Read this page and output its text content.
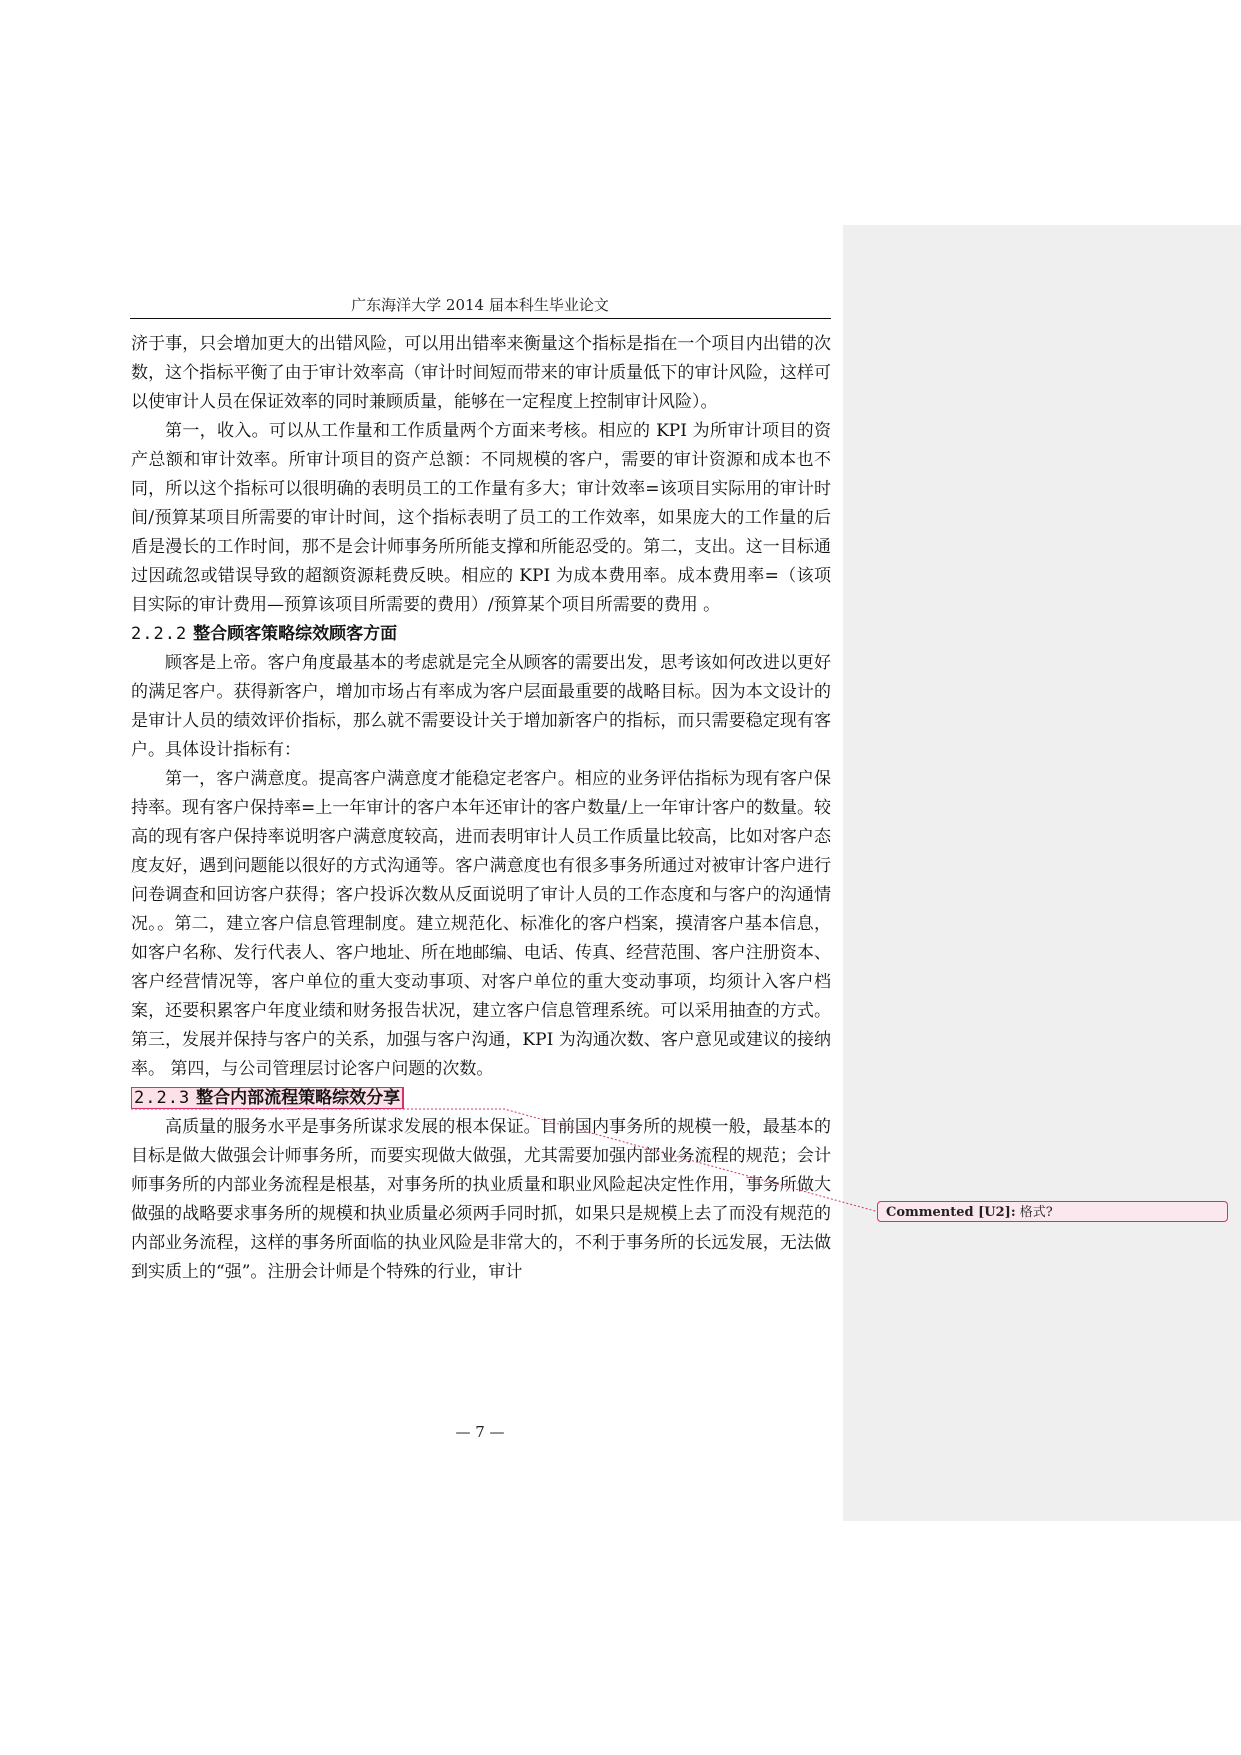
广东海洋大学 2014 届本科生毕业论文

济于事，只会增加更大的出错风险，可以用出错率来衡量这个指标是指在一个项目内出错的次数，这个指标平衡了由于审计效率高（审计时间短而带来的审计质量低下的审计风险，这样可以使审计人员在保证效率的同时兼顾质量，能够在一定程度上控制审计风险）。

第一，收入。可以从工作量和工作质量两个方面来考核。相应的 KPI 为所审计项目的资产总额和审计效率。所审计项目的资产总额：不同规模的客户，需要的审计资源和成本也不同，所以这个指标可以很明确的表明员工的工作量有多大；审计效率=该项目实际用的审计时间/预算某项目所需要的审计时间，这个指标表明了员工的工作效率，如果庞大的工作量的后盾是漫长的工作时间，那不是会计师事务所所能支撑和所能忍受的。第二，支出。这一目标通过因疏忽或错误导致的超额资源耗费反映。相应的 KPI 为成本费用率。成本费用率=（该项目实际的审计费用—预算该项目所需要的费用）/预算某个项目所需要的费用 。

2.2.2 整合顾客策略综效顾客方面

顾客是上帝。客户角度最基本的考虑就是完全从顾客的需要出发，思考该如何改进以更好的满足客户。获得新客户，增加市场占有率成为客户层面最重要的战略目标。因为本文设计的是审计人员的绩效评价指标，那么就不需要设计关于增加新客户的指标，而只需要稳定现有客户。具体设计指标有：

第一，客户满意度。提高客户满意度才能稳定老客户。相应的业务评估指标为现有客户保持率。现有客户保持率=上一年审计的客户本年还审计的客户数量/上一年审计客户的数量。较高的现有客户保持率说明客户满意度较高，进而表明审计人员工作质量比较高，比如对客户态度友好，遇到问题能以很好的方式沟通等。客户满意度也有很多事务所通过对被审计客户进行问卷调查和回访客户获得；客户投诉次数从反面说明了审计人员的工作态度和与客户的沟通情况。。第二，建立客户信息管理制度。建立规范化、标准化的客户档案，摸清客户基本信息，如客户名称、发行代表人、客户地址、所在地邮编、电话、传真、经营范围、客户注册资本、客户经营情况等，客户单位的重大变动事项、对客户单位的重大变动事项，均须计入客户档案，还要积累客户年度业绩和财务报告状况，建立客户信息管理系统。可以采用抽查的方式。 第三，发展并保持与客户的关系，加强与客户沟通，KPI 为沟通次数、客户意见或建议的接纳率。 第四，与公司管理层讨论客户问题的次数。

2.2.3 整合内部流程策略综效分享

高质量的服务水平是事务所谋求发展的根本保证。目前国内事务所的规模一般，最基本的目标是做大做强会计师事务所，而要实现做大做强，尤其需要加强内部业务流程的规范；会计师事务所的内部业务流程是根基，对事务所的执业质量和职业风险起决定性作用，事务所做大做强的战略要求事务所的规模和执业质量必须两手同时抓，如果只是规模上去了而没有规范的内部业务流程，这样的事务所面临的执业风险是非常大的，不利于事务所的长远发展，无法做到实质上的“强”。注册会计师是个特殊的行业，审计

— 7 —
Commented [U2]: 格式?
